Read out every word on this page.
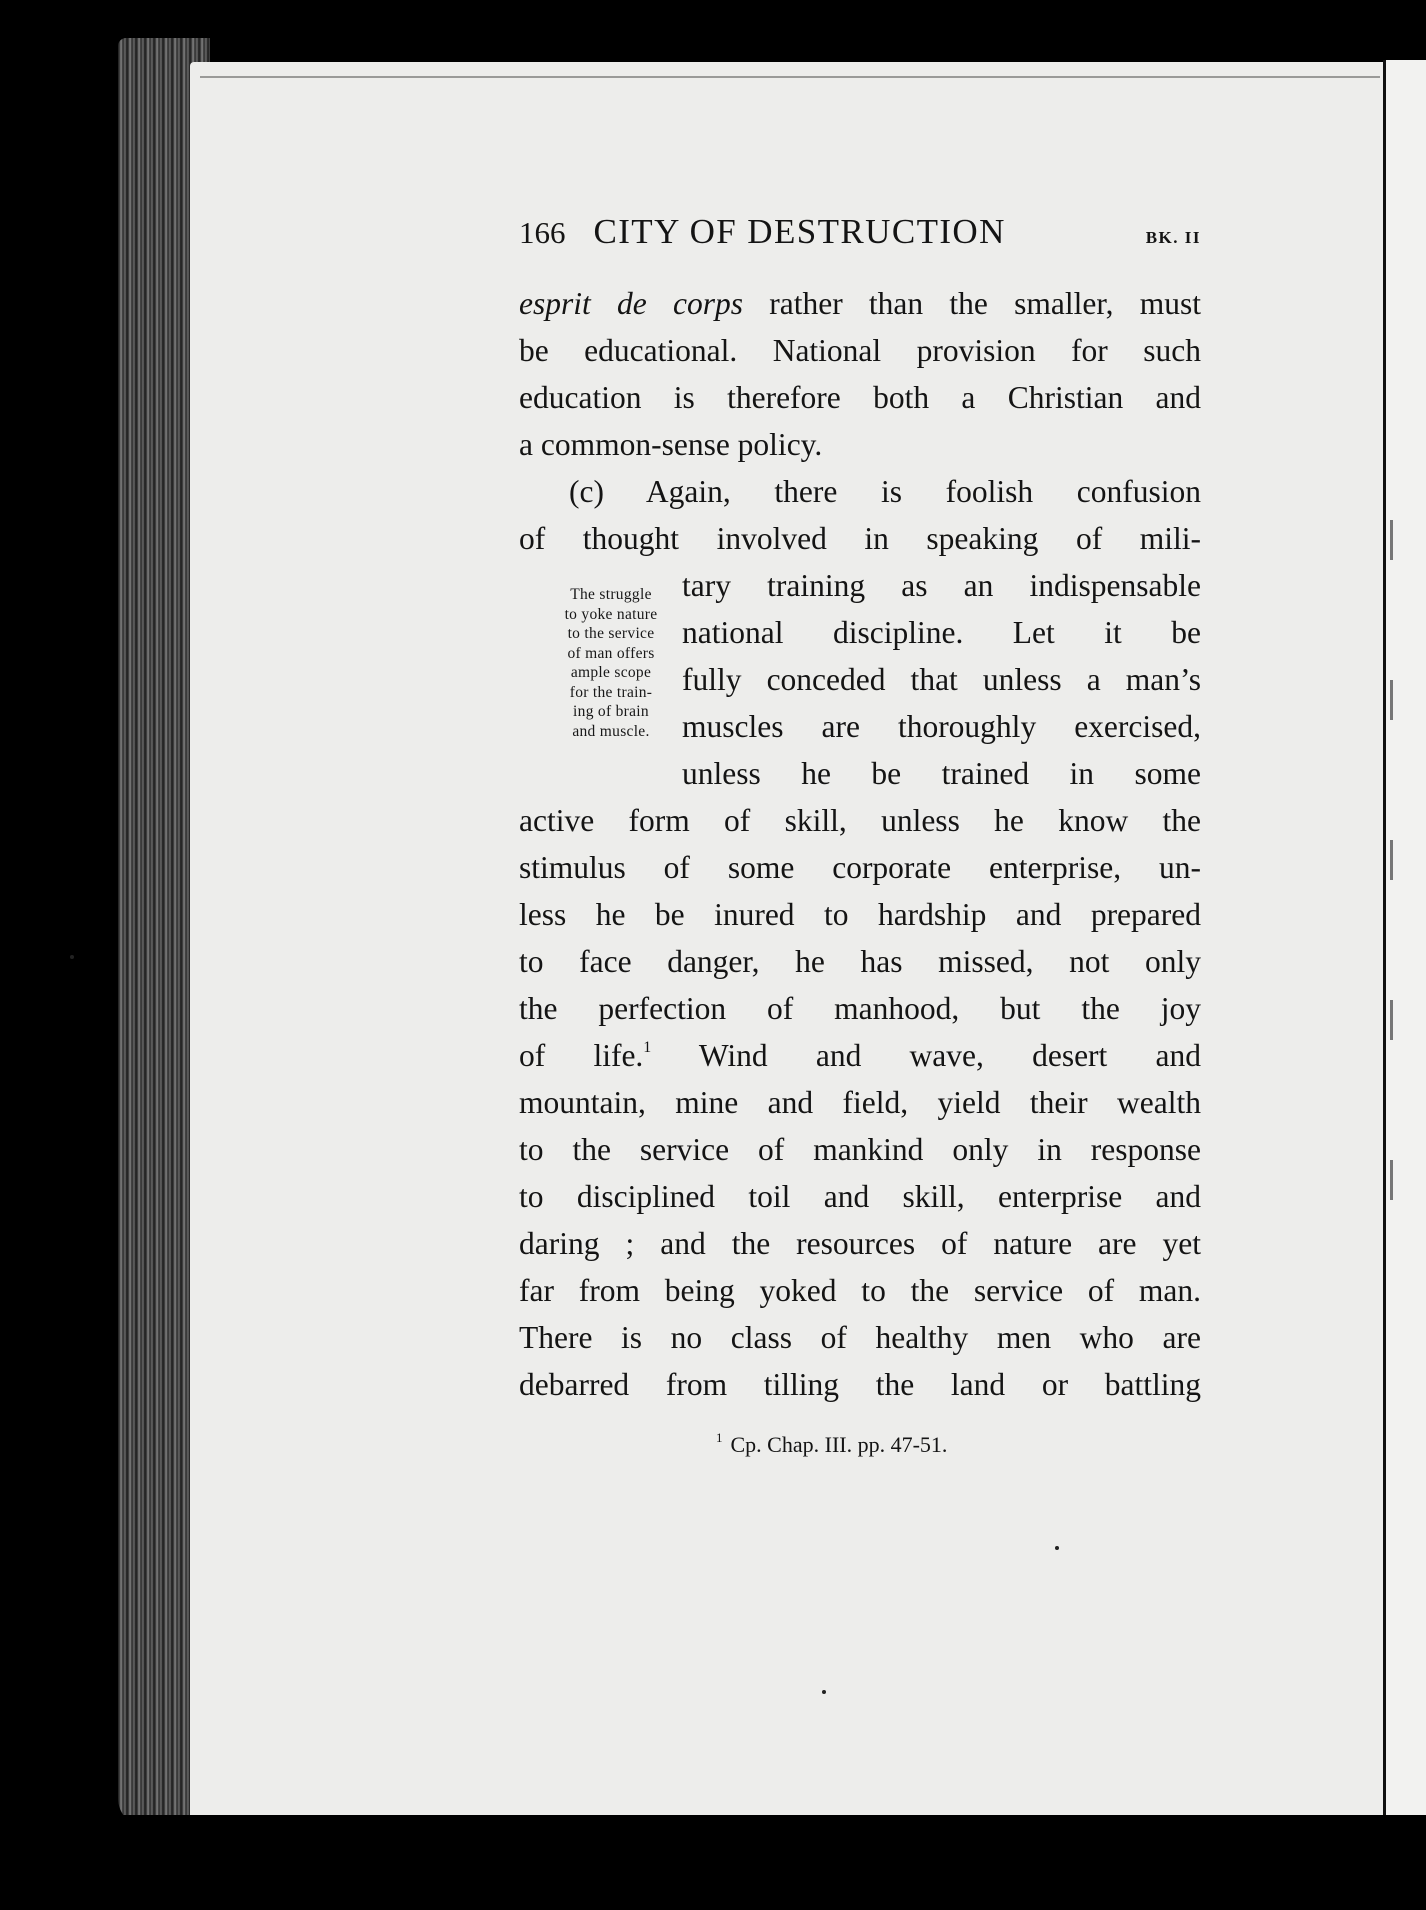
166 CITY OF DESTRUCTION	BK. II
esprit de corps rather than the smaller, must
be educational. National provision for such
education is therefore both a Christian and
a common-sense policy.
(c) Again, there is foolish confusion
of thought involved in speaking of mili-
tary training as an indispensable
national discipline. Let it be
fully conceded that unless a man’s
muscles are thoroughly exercised,
unless he be trained in some
active form of skill, unless he know the
stimulus of some corporate enterprise, un-
less he be inured to hardship and prepared
to face danger, he has missed, not only
the perfection of manhood, but the joy
of life.$^1$ Wind and wave, desert and
mountain, mine and field, yield their wealth
to the service of mankind only in response
to disciplined toil and skill, enterprise and
daring ; and the resources of nature are yet
far from being yoked to the service of man.
There is no class of healthy men who are
debarred from tilling the land or battling
The struggle
to yoke nature
to the service
of man offers
ample scope
for the train-
ing of brain
and muscle.
$^1$ Cp. Chap. III. pp. 47-51.
